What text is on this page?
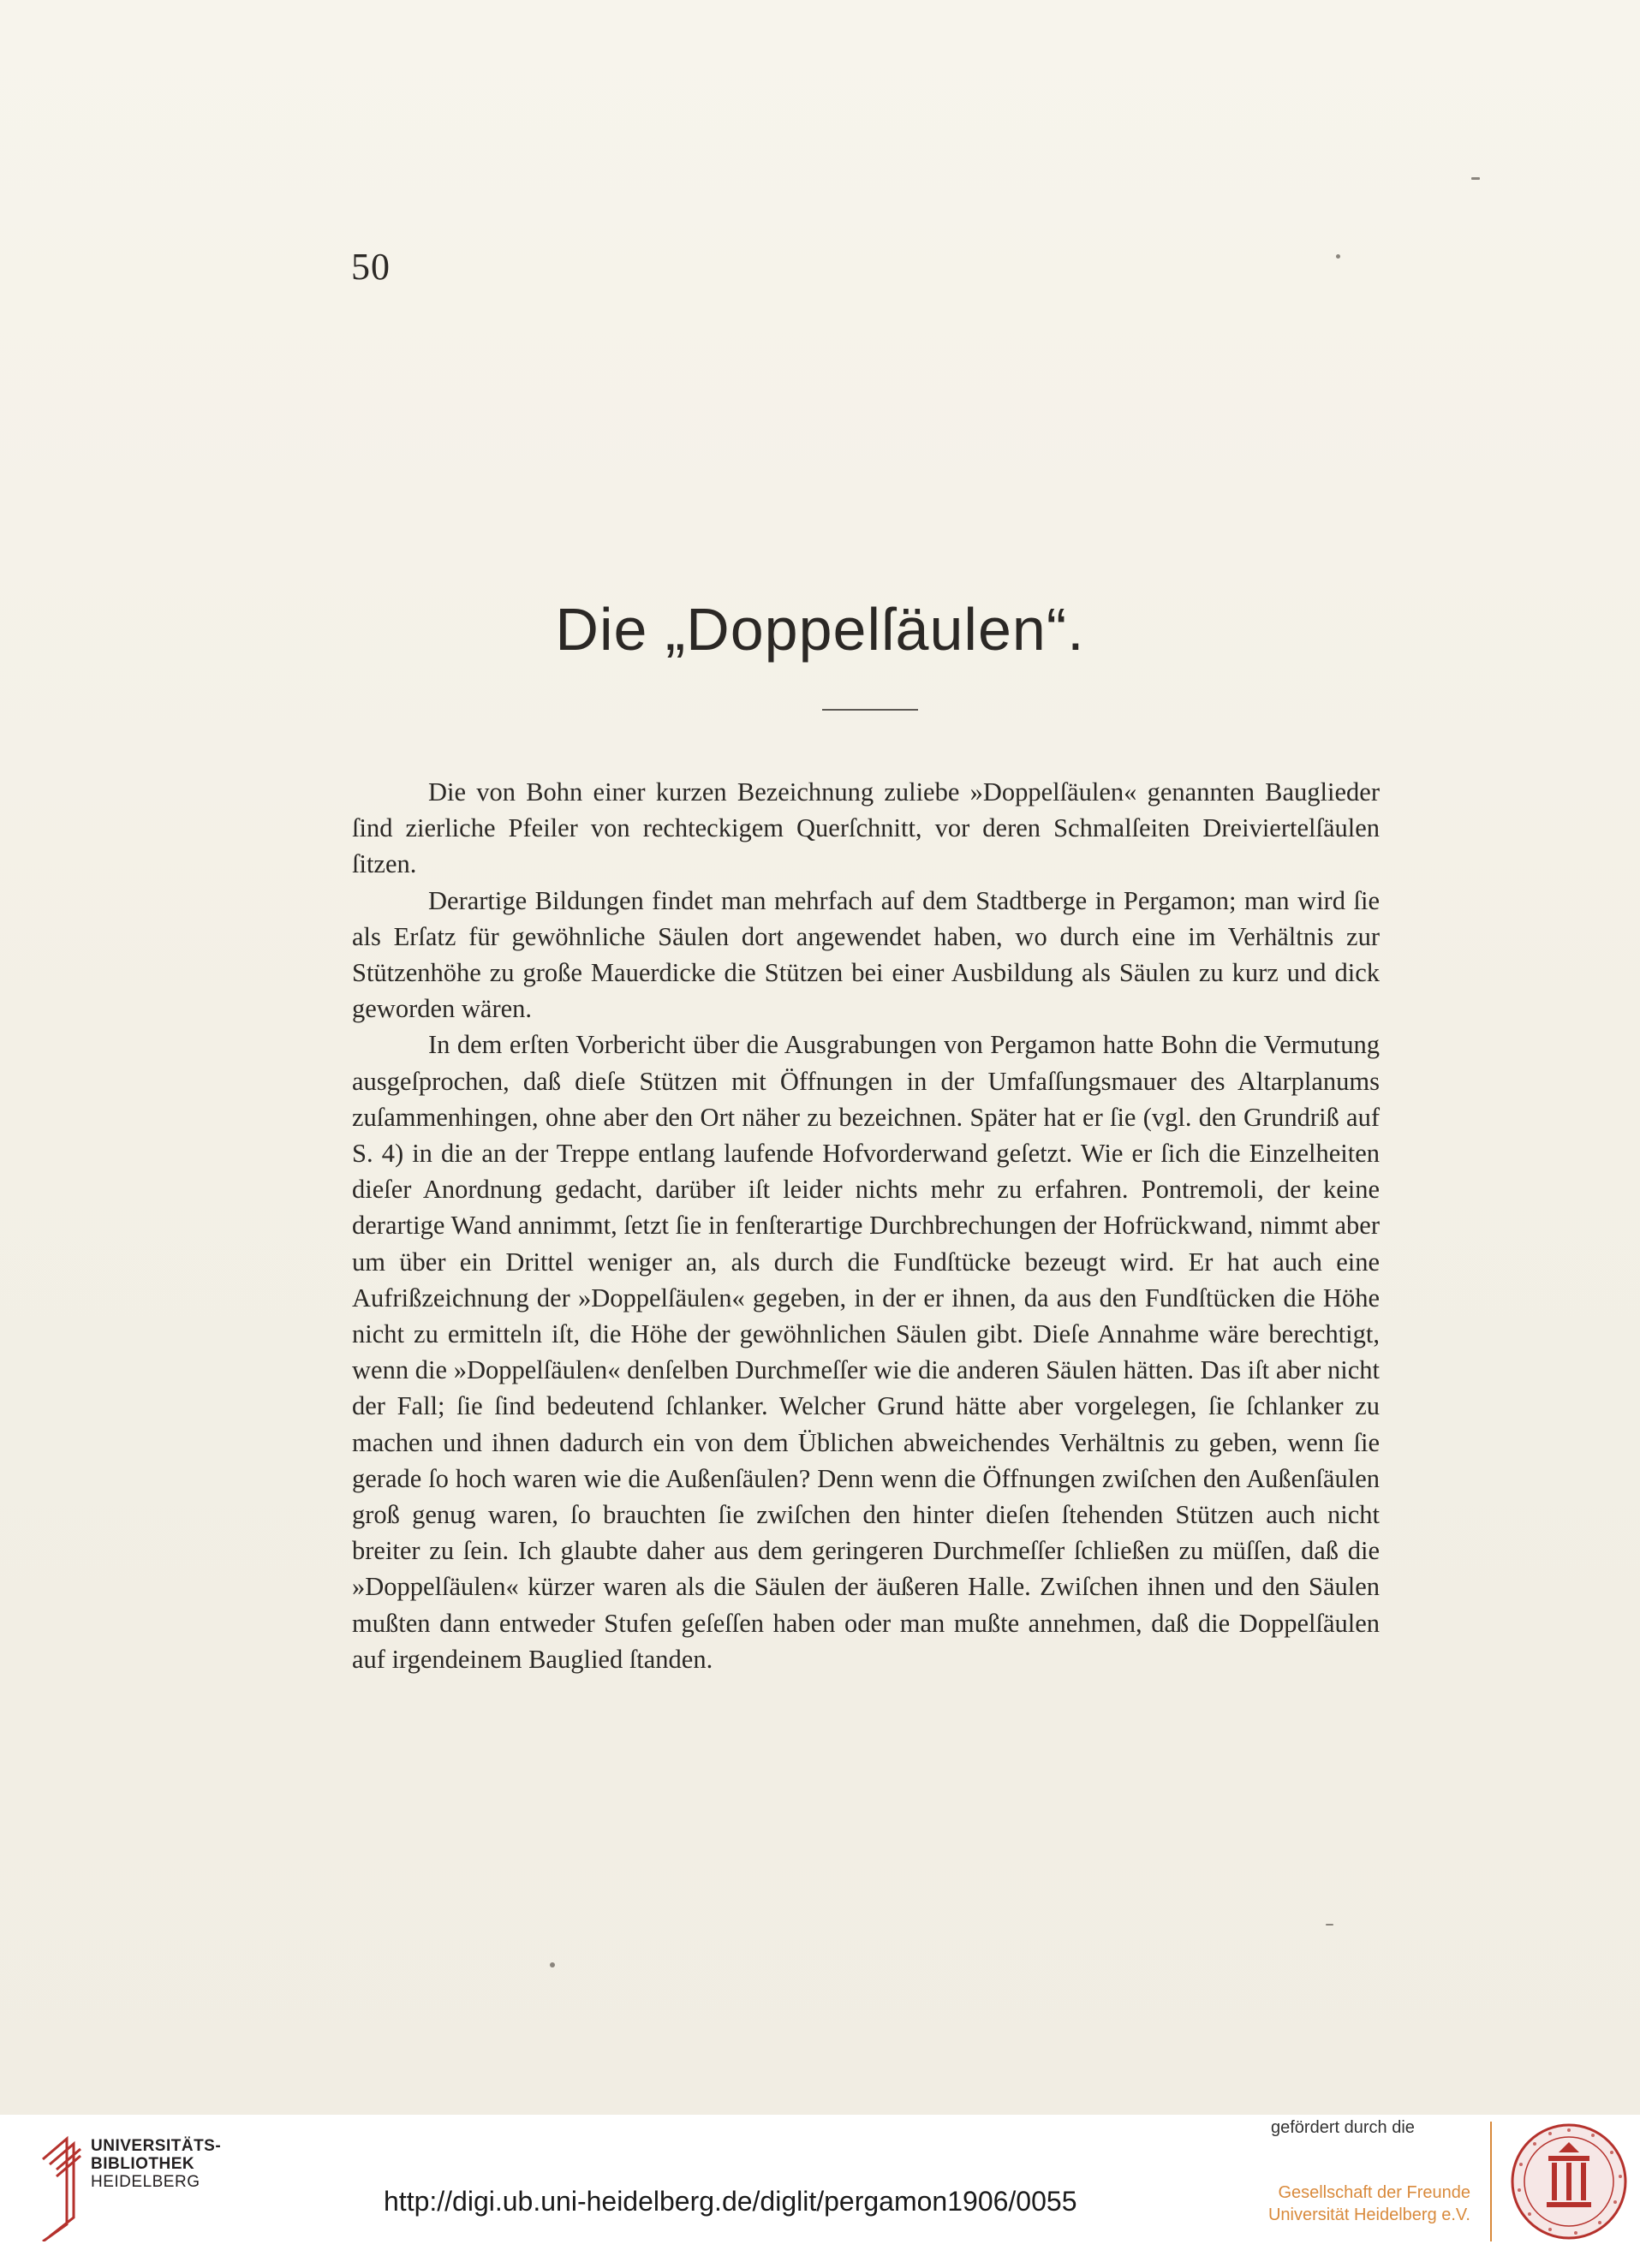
50
Die „Doppelſäulen“.

Die von Bohn einer kurzen Bezeichnung zuliebe »Doppelſäulen« genannten Bauglieder ſind zierliche Pfeiler von rechteckigem Querſchnitt, vor deren Schmalſeiten Dreiviertelſäulen ſitzen.

Derartige Bildungen findet man mehrfach auf dem Stadtberge in Pergamon; man wird ſie als Erſatz für gewöhnliche Säulen dort angewendet haben, wo durch eine im Verhältnis zur Stützenhöhe zu große Mauerdicke die Stützen bei einer Ausbildung als Säulen zu kurz und dick geworden wären.

In dem erſten Vorbericht über die Ausgrabungen von Pergamon hatte Bohn die Vermutung ausgeſprochen, daß dieſe Stützen mit Öffnungen in der Umfaſſungsmauer des Altarplanums zuſammenhingen, ohne aber den Ort näher zu bezeichnen. Später hat er ſie (vgl. den Grundriß auf S. 4) in die an der Treppe entlang laufende Hofvorderwand geſetzt. Wie er ſich die Einzelheiten dieſer Anordnung gedacht, darüber iſt leider nichts mehr zu erfahren. Pontremoli, der keine derartige Wand annimmt, ſetzt ſie in fenſterartige Durchbrechungen der Hofrückwand, nimmt aber um über ein Drittel weniger an, als durch die Fundſtücke bezeugt wird. Er hat auch eine Aufrißzeichnung der »Doppelſäulen« gegeben, in der er ihnen, da aus den Fundſtücken die Höhe nicht zu ermitteln iſt, die Höhe der gewöhnlichen Säulen gibt. Dieſe Annahme wäre berechtigt, wenn die »Doppelſäulen« denſelben Durchmeſſer wie die anderen Säulen hätten. Das iſt aber nicht der Fall; ſie ſind bedeutend ſchlanker. Welcher Grund hätte aber vorgelegen, ſie ſchlanker zu machen und ihnen dadurch ein von dem Üblichen abweichendes Verhältnis zu geben, wenn ſie gerade ſo hoch waren wie die Außenſäulen? Denn wenn die Öffnungen zwiſchen den Außenſäulen groß genug waren, ſo brauchten ſie zwiſchen den hinter dieſen ſtehenden Stützen auch nicht breiter zu ſein. Ich glaubte daher aus dem geringeren Durchmeſſer ſchließen zu müſſen, daß die »Doppelſäulen« kürzer waren als die Säulen der äußeren Halle. Zwiſchen ihnen und den Säulen mußten dann entweder Stufen geſeſſen haben oder man mußte annehmen, daß die Doppelſäulen auf irgendeinem Bauglied ſtanden.

UNIVERSITÄTS-
BIBLIOTHEK
HEIDELBERG
http://digi.ub.uni-heidelberg.de/diglit/pergamon1906/0055
gefördert durch die
Gesellschaft der Freunde
Universität Heidelberg e.V.
